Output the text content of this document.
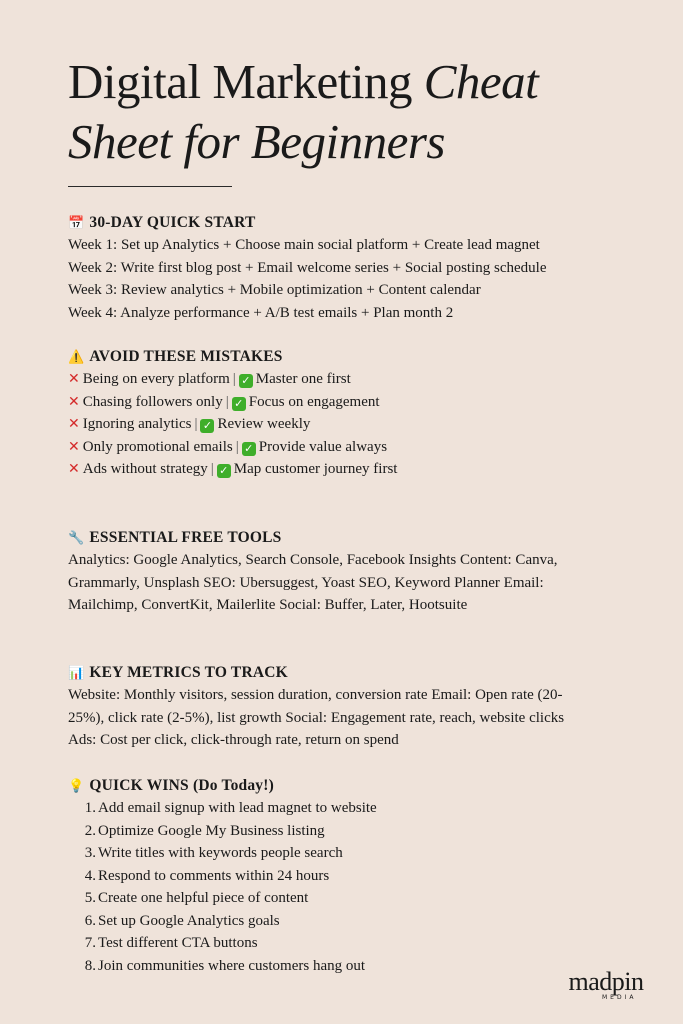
Digital Marketing Cheat
Sheet for Beginners

📅 30-DAY QUICK START

Week 1: Set up Analytics + Choose main social platform + Create lead magnet

Week 2: Write first blog post + Email welcome series + Social posting schedule

Week 3: Review analytics + Mobile optimization + Content calendar

Week 4: Analyze performance + A/B test emails + Plan month 2

⚠️ AVOID THESE MISTAKES

✕ Being on every platform | ✓ Master one first

✕ Chasing followers only | ✓ Focus on engagement

✕ Ignoring analytics | ✓ Review weekly

✕ Only promotional emails | ✓ Provide value always

✕ Ads without strategy | ✓ Map customer journey first

🔧 ESSENTIAL FREE TOOLS

Analytics: Google Analytics, Search Console, Facebook Insights Content: Canva, Grammarly, Unsplash SEO: Ubersuggest, Yoast SEO, Keyword Planner Email: Mailchimp, ConvertKit, Mailerlite Social: Buffer, Later, Hootsuite

📊 KEY METRICS TO TRACK

Website: Monthly visitors, session duration, conversion rate Email: Open rate (20-25%), click rate (2-5%), list growth Social: Engagement rate, reach, website clicks Ads: Cost per click, click-through rate, return on spend

💡 QUICK WINS
(Do Today!)

1. Add email signup with lead magnet to website
2. Optimize Google My Business listing
3. Write titles with keywords people search
4. Respond to comments within 24 hours
5. Create one helpful piece of content
6. Set up Google Analytics goals
7. Test different CTA buttons
8. Join communities where customers hang out
madpin
MEDIA
